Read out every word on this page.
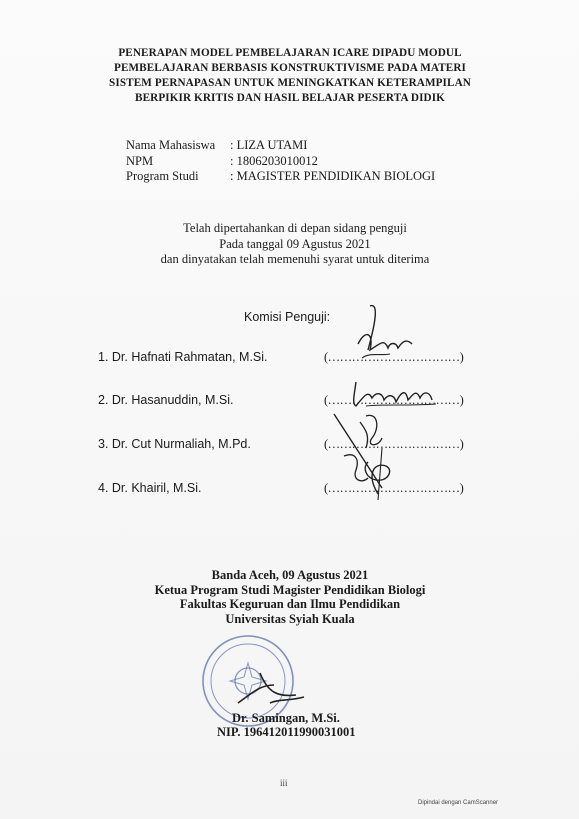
PENERAPAN MODEL PEMBELAJARAN ICARE DIPADU MODUL
PEMBELAJARAN BERBASIS KONSTRUKTIVISME PADA MATERI
SISTEM PERNAPASAN UNTUK MENINGKATKAN KETERAMPILAN
BERPIKIR KRITIS DAN HASIL BELAJAR PESERTA DIDIK
Nama Mahasiswa	: LIZA UTAMI
NPM	: 1806203010012
Program Studi	: MAGISTER PENDIDIKAN BIOLOGI
Telah dipertahankan di depan sidang penguji
Pada tanggal 09 Agustus 2021
dan dinyatakan telah memenuhi syarat untuk diterima
Komisi Penguji:
1. Dr. Hafnati Rahmatan, M.Si.	(……………………………)
2. Dr. Hasanuddin, M.Si.	(……………………………)
3. Dr. Cut Nurmaliah, M.Pd.	(……………………………)
4. Dr. Khairil, M.Si.	(……………………………)
Banda Aceh, 09 Agustus 2021
Ketua Program Studi Magister Pendidikan Biologi
Fakultas Keguruan dan Ilmu Pendidikan
Universitas Syiah Kuala
Dr. Samingan, M.Si.
NIP. 196412011990031001
iii
Dipindai dengan CamScanner
